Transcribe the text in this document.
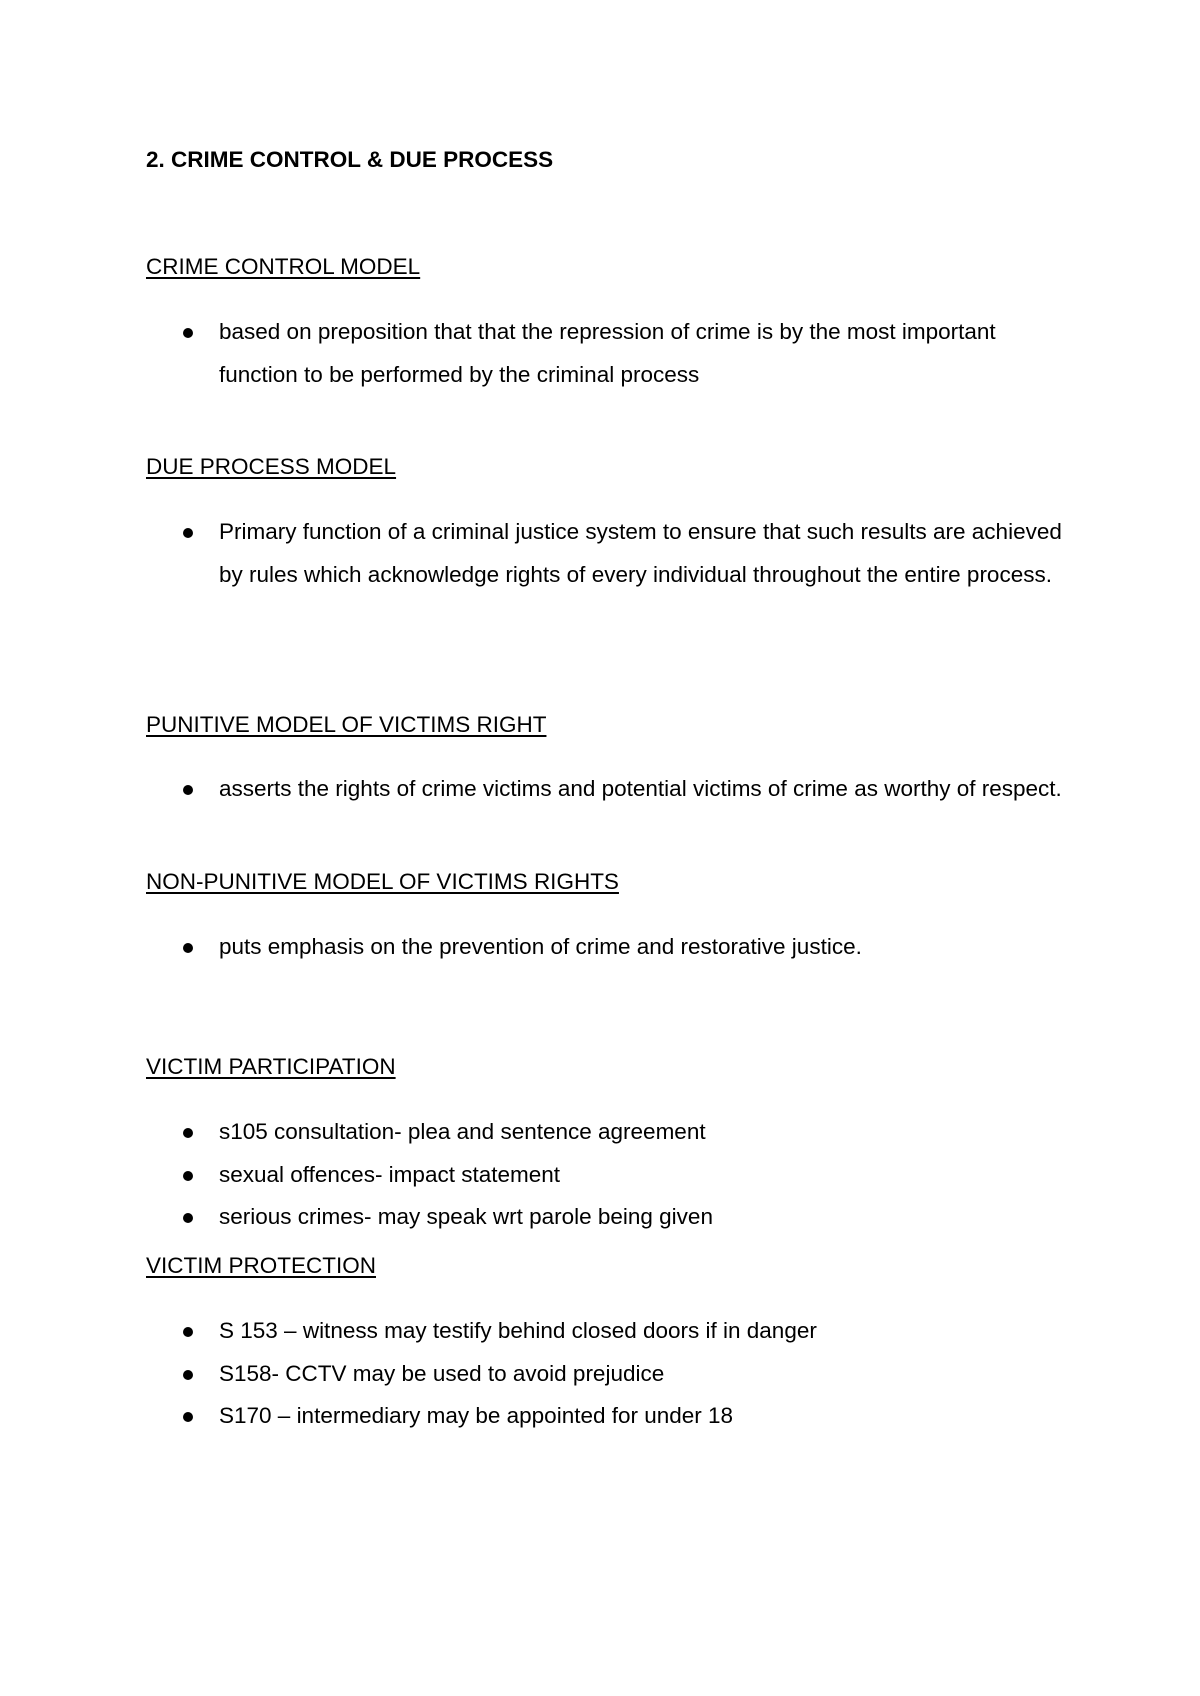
2. CRIME CONTROL & DUE PROCESS
CRIME CONTROL MODEL
based on preposition that that the repression of crime is by the most important function to be performed by the criminal process
DUE PROCESS MODEL
Primary function of a criminal justice system to ensure that such results are achieved by rules which acknowledge rights of every individual throughout the entire process.
PUNITIVE MODEL OF VICTIMS RIGHT
asserts the rights of crime victims and potential victims of crime as worthy of respect.
NON-PUNITIVE MODEL OF VICTIMS RIGHTS
puts emphasis on the prevention of crime and restorative justice.
VICTIM PARTICIPATION
s105 consultation- plea and sentence agreement
sexual offences- impact statement
serious crimes- may speak wrt parole being given
VICTIM PROTECTION
S 153 – witness may testify behind closed doors if in danger
S158- CCTV may be used to avoid prejudice
S170 – intermediary may be appointed for under 18
